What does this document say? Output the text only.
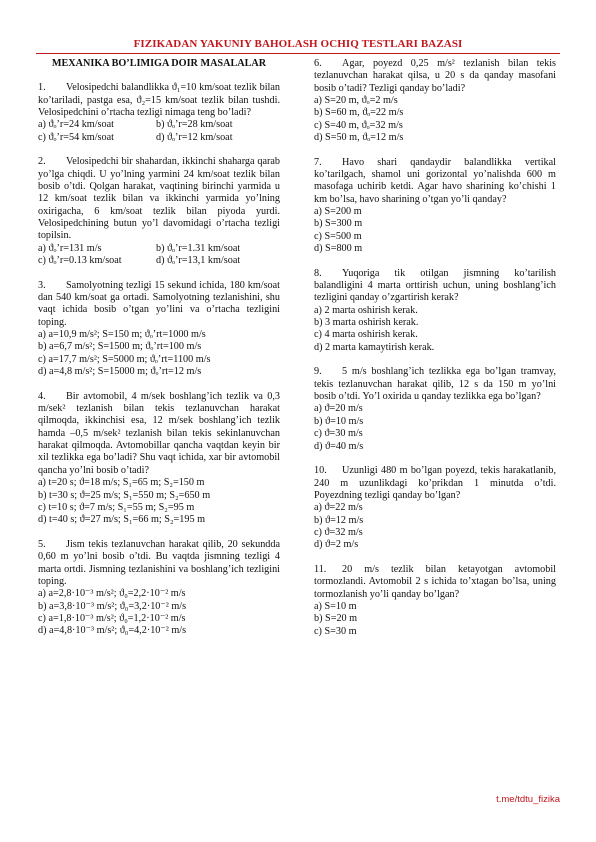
FIZIKADAN YAKUNIY BAHOLASH OCHIQ TESTLARI BAZASI
MEXANIKA BO’LIMIGA DOIR MASALALAR
1. Velosipedchi balandlikka ϑ₁=10 km/soat tezlik bilan ko’tariladi, pastga esa, ϑ₂=15 km/soat tezlik bilan tushdi. Velosipedchini o’rtacha tezligi nimaga teng bo’ladi?
a) ϑₒ’r=24 km/soat	b) ϑₒ’r=28 km/soat
c) ϑₒ’r=54 km/soat	d) ϑₒ’r=12 km/soat
2. Velosipedchi bir shahardan, ikkinchi shaharga qarab yo’lga chiqdi. U yo’lning yarmini 24 km/soat tezlik bilan bosib o’tdi. Qolgan harakat, vaqtining birinchi yarmida u 12 km/soat tezlik bilan va ikkinchi yarmida yo’lning oxirigacha, 6 km/soat tezlik bilan piyoda yurdi. Velosipedchining butun yo’l davomidagi o’rtacha tezligi topilsin.
a) ϑₒ’r=131 m/s	b) ϑₒ’r=1.31 km/soat
c) ϑₒ’r=0.13 km/soat	d) ϑₒ’r=13,1 km/soat
3. Samolyotning tezligi 15 sekund ichida, 180 km/soat dan 540 km/soat ga ortadi. Samolyotning tezlanishini, shu vaqt ichida bosib o’tgan yo’lini va o’rtacha tezligini toping.
a) a=10,9 m/s²; S=150 m; ϑₒ’rt=1000 m/s
b) a=6,7 m/s²; S=1500 m; ϑₒ’rt=100 m/s
c) a=17,7 m/s²; S=5000 m; ϑₒ’rt=1100 m/s
d) a=4,8 m/s²; S=15000 m; ϑₒ’rt=12 m/s
4. Bir avtomobil, 4 m/sek boshlang’ich tezlik va 0,3 m/sek² tezlanish bilan tekis tezlanuvchan harakat qilmoqda, ikkinchisi esa, 12 m/sek boshlang’ich tezlik hamda –0,5 m/sek² tezlanish bilan tekis sekinlanuvchan harakat qilmoqda. Avtomobillar qancha vaqtdan keyin bir xil tezlikka ega bo’ladi? Shu vaqt ichida, xar bir avtomobil qancha yo’lni bosib o’tadi?
a) t=20 s; ϑ=18 m/s; S₁=65 m; S₂=150 m
b) t=30 s; ϑ=25 m/s; S₁=550 m; S₂=650 m
c) t=10 s; ϑ=7 m/s; S₁=55 m; S₂=95 m
d) t=40 s; ϑ=27 m/s; S₁=66 m; S₂=195 m
5. Jism tekis tezlanuvchan harakat qilib, 20 sekundda 0,60 m yo’lni bosib o’tdi. Bu vaqtda jismning tezligi 4 marta ortdi. Jismning tezlanishini va boshlang’ich tezligini toping.
a) a=2,8·10⁻³ m/s²; ϑ₀=2,2·10⁻² m/s
b) a=3,8·10⁻³ m/s²; ϑ₀=3,2·10⁻² m/s
c) a=1,8·10⁻³ m/s²; ϑ₀=1,2·10⁻² m/s
d) a=4,8·10⁻³ m/s²; ϑ₀=4,2·10⁻² m/s
6. Agar, poyezd 0,25 m/s² tezlanish bilan tekis tezlanuvchan harakat qilsa, u 20 s da qanday masofani bosib o’tadi? Tezligi qanday bo’ladi?
a) S=20 m, ϑₒ=2 m/s
b) S=60 m, ϑₒ=22 m/s
c) S=40 m, ϑₒ=32 m/s
d) S=50 m, ϑₒ=12 m/s
7. Havo shari qandaydir balandlikka vertikal ko’tarilgach, shamol uni gorizontal yo’nalishda 600 m masofaga uchirib ketdi. Agar havo sharining ko’chishi 1 km bo’lsa, havo sharining o’tgan yo’li qanday?
a) S=200 m
b) S=300 m
c) S=500 m
d) S=800 m
8. Yuqoriga tik otilgan jismning ko’tarilish balandligini 4 marta orttirish uchun, uning boshlang’ich tezligini qanday o’zgartirish kerak?
a) 2 marta oshirish kerak.
b) 3 marta oshirish kerak.
c) 4 marta oshirish kerak.
d) 2 marta kamaytirish kerak.
9. 5 m/s boshlang’ich tezlikka ega bo’lgan tramvay, tekis tezlanuvchan harakat qilib, 12 s da 150 m yo’lni bosib o’tdi. Yo’l oxirida u qanday tezlikka ega bo’lgan?
a) ϑ=20 m/s
b) ϑ=10 m/s
c) ϑ=30 m/s
d) ϑ=40 m/s
10. Uzunligi 480 m bo’lgan poyezd, tekis harakatlanib, 240 m uzunlikdagi ko’prikdan 1 minutda o’tdi. Poyezdning tezligi qanday bo’lgan?
a) ϑ=22 m/s
b) ϑ=12 m/s
c) ϑ=32 m/s
d) ϑ=2 m/s
11. 20 m/s tezlik bilan ketayotgan avtomobil tormozlandi. Avtomobil 2 s ichida to’xtagan bo’lsa, uning tormozlanish yo’li qanday bo’lgan?
a) S=10 m
b) S=20 m
c) S=30 m
t.me/tdtu_fizika
